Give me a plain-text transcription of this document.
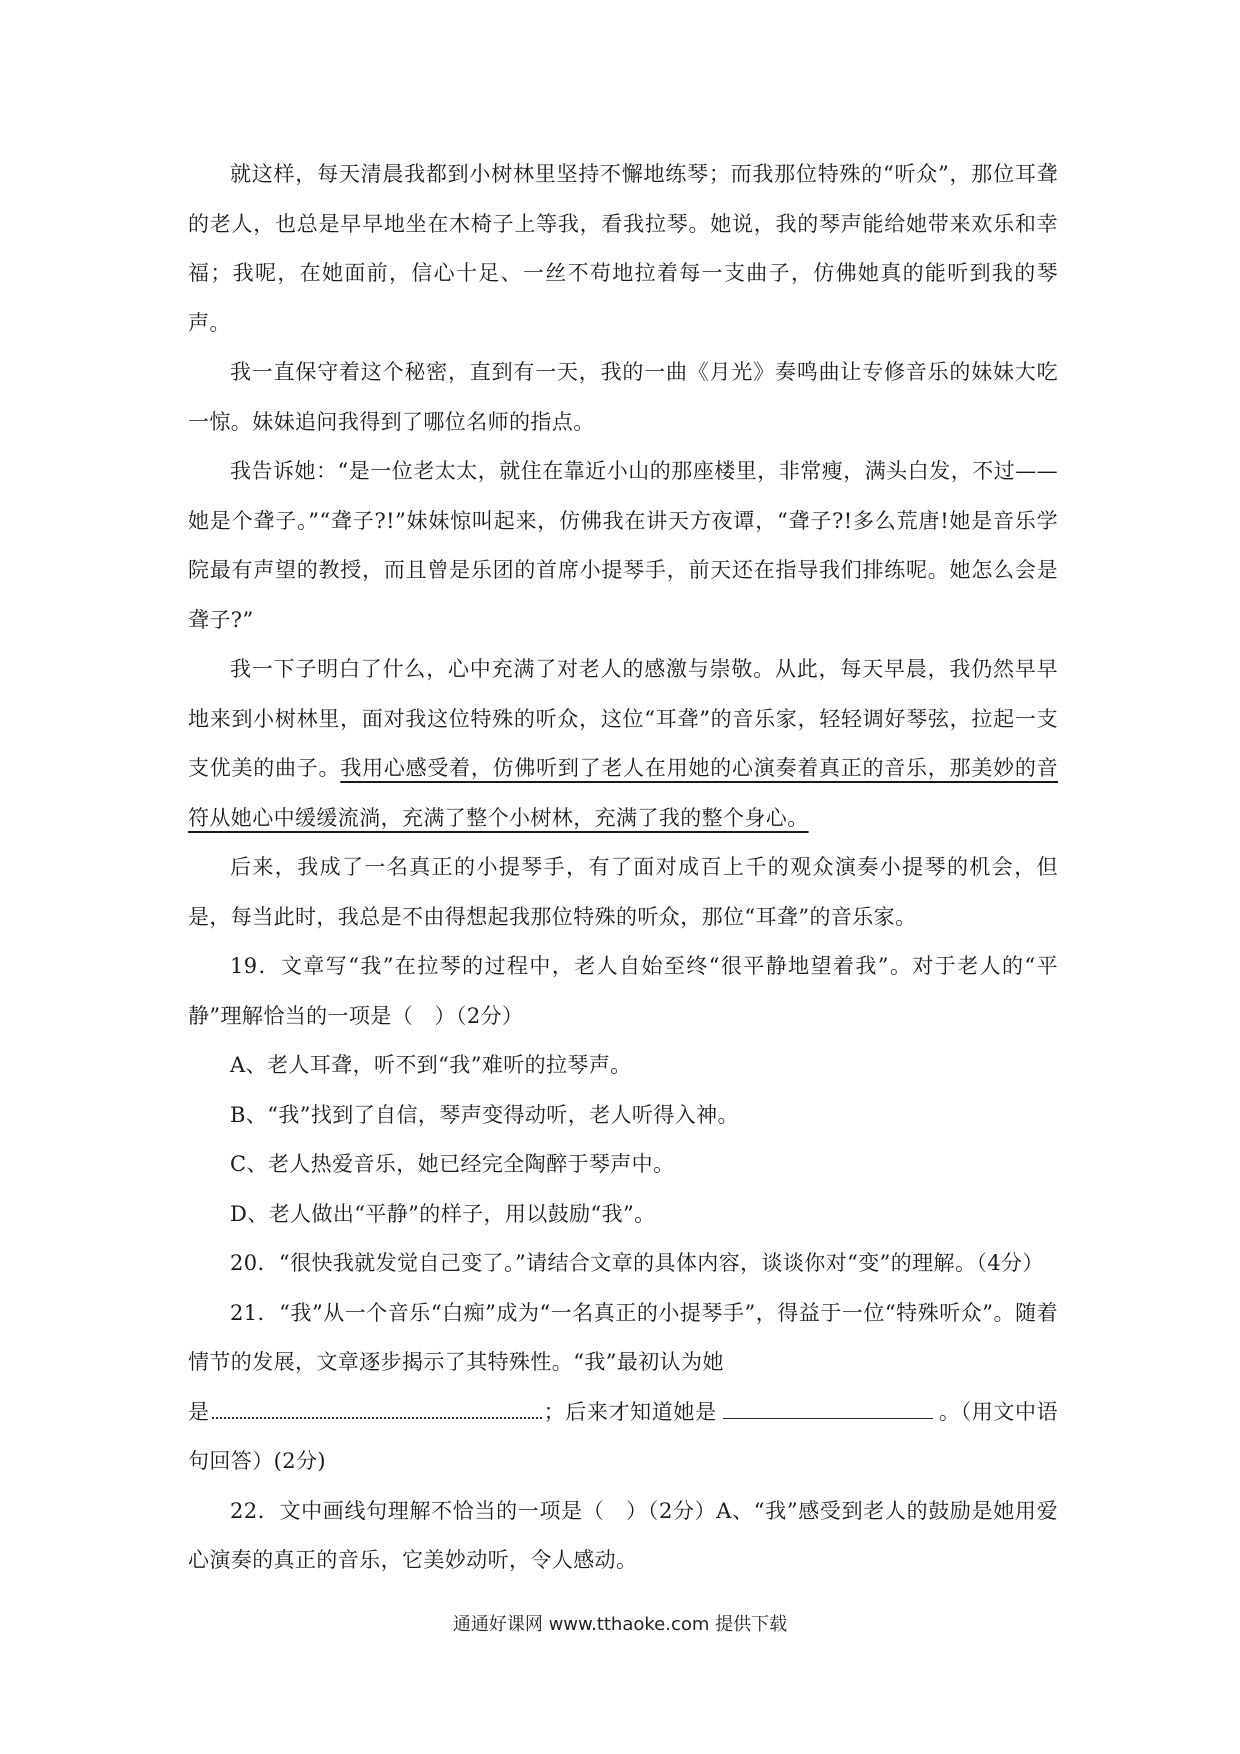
就这样，每天清晨我都到小树林里坚持不懈地练琴；而我那位特殊的“听众”，那位耳聋的老人，也总是早早地坐在木椅子上等我，看我拉琴。她说，我的琴声能给她带来欢乐和幸福；我呢，在她面前，信心十足、一丝不苟地拉着每一支曲子，仿佛她真的能听到我的琴声。

我一直保守着这个秘密，直到有一天，我的一曲《月光》奏鸣曲让专修音乐的妹妹大吃一惊。妹妹追问我得到了哪位名师的指点。

我告诉她：“是一位老太太，就住在靠近小山的那座楼里，非常瘦，满头白发，不过——她是个聋子。”“聋子?!”妹妹惊叫起来，仿佛我在讲天方夜谭，“聋子?!多么荒唐!她是音乐学院最有声望的教授，而且曾是乐团的首席小提琴手，前天还在指导我们排练呢。她怎么会是聋子?”

我一下子明白了什么，心中充满了对老人的感激与崇敬。从此，每天早晨，我仍然早早地来到小树林里，面对我这位特殊的听众，这位“耳聋”的音乐家，轻轻调好琴弦，拉起一支支优美的曲子。我用心感受着，仿佛听到了老人在用她的心演奏着真正的音乐，那美妙的音符从她心中缓缓流淌，充满了整个小树林，充满了我的整个身心。

后来，我成了一名真正的小提琴手，有了面对成百上千的观众演奏小提琴的机会，但是，每当此时，我总是不由得想起我那位特殊的听众，那位“耳聋”的音乐家。

19．文章写“我”在拉琴的过程中，老人自始至终“很平静地望着我”。对于老人的“平静”理解恰当的一项是（　）（2分）

A、老人耳聋，听不到“我”难听的拉琴声。

B、“我”找到了自信，琴声变得动听，老人听得入神。

C、老人热爱音乐，她已经完全陶醉于琴声中。

D、老人做出“平静”的样子，用以鼓励“我”。

20．“很快我就发觉自己变了。”请结合文章的具体内容，谈谈你对“变”的理解。（4分）

21．“我”从一个音乐“白痴”成为“一名真正的小提琴手”，得益于一位“特殊听众”。随着情节的发展，文章逐步揭示了其特殊性。“我”最初认为她

是	；后来才知道她是	。（用文中语句回答）(2分)

22．文中画线句理解不恰当的一项是（　）（2分）A、“我”感受到老人的鼓励是她用爱心演奏的真正的音乐，它美妙动听，令人感动。

通通好课网 www.tthaoke.com 提供下载
